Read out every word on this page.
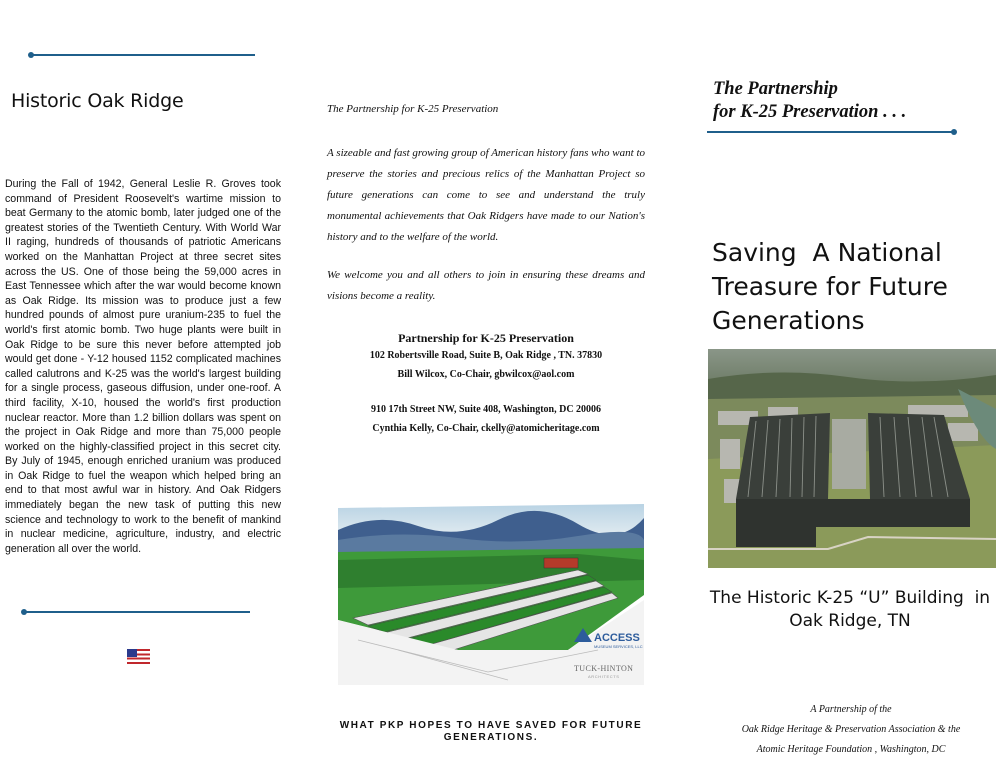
Historic Oak Ridge
During the Fall of 1942, General Leslie R. Groves took command of President Roosevelt's wartime mission to beat Germany to the atomic bomb, later judged one of the greatest stories of the Twentieth Century. With World War II raging, hundreds of thousands of patriotic Americans worked on the Manhattan Project at three secret sites across the US. One of those being the 59,000 acres in East Tennessee which after the war would become known as Oak Ridge. Its mission was to produce just a few hundred pounds of almost pure uranium-235 to fuel the world's first atomic bomb. Two huge plants were built in Oak Ridge to be sure this never before attempted job would get done - Y-12 housed 1152 complicated machines called calutrons and K-25 was the world's largest building for a single process, gaseous diffusion, under one-roof. A third facility, X-10, housed the world's first production nuclear reactor. More than 1.2 billion dollars was spent on the project in Oak Ridge and more than 75,000 people worked on the highly-classified project in this secret city. By July of 1945, enough enriched uranium was produced in Oak Ridge to fuel the weapon which helped bring an end to that most awful war in history. And Oak Ridgers immediately began the new task of putting this new science and technology to work to the benefit of mankind in nuclear medicine, agriculture, industry, and electric generation all over the world.
The Partnership for K-25 Preservation
A sizeable and fast growing group of American history fans who want to preserve the stories and precious relics of the Manhattan Project so future generations can come to see and understand the truly monumental achievements that Oak Ridgers have made to our Nation's history and to the welfare of the world.
We welcome you and all others to join in ensuring these dreams and visions become a reality.
Partnership for K-25 Preservation
102 Robertsville Road, Suite B, Oak Ridge , TN. 37830
Bill Wilcox, Co-Chair, gbwilcox@aol.com
910 17th Street NW, Suite 408, Washington, DC 20006
Cynthia Kelly, Co-Chair, ckelly@atomicheritage.com
ACCESS
MUSEUM SERVICES, LLC
TUCK-HINTON
ARCHITECTS
WHAT PKP HOPES TO HAVE SAVED FOR FUTURE GENERATIONS.
The Partnership
for K-25 Preservation . . .
Saving  A National
Treasure for Future
Generations
The Historic K-25 “U” Building  in
Oak Ridge, TN
A Partnership of the
Oak Ridge Heritage & Preservation Association & the
Atomic Heritage Foundation , Washington, DC
